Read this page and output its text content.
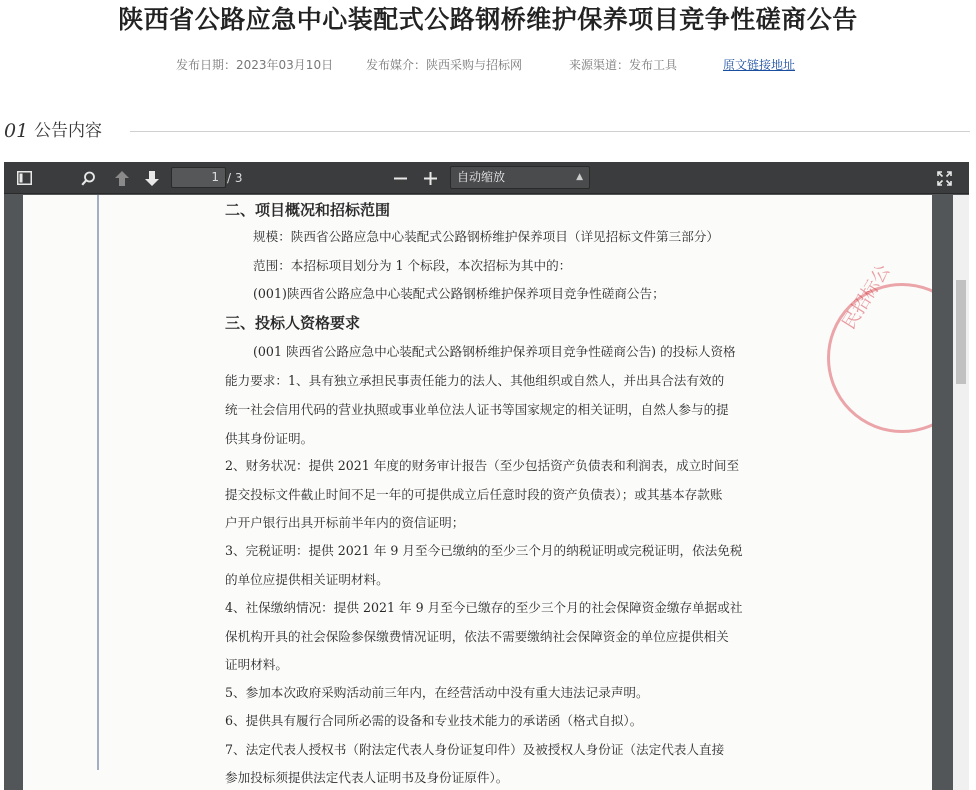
陕西省公路应急中心装配式公路钢桥维护保养项目竞争性磋商公告
发布日期：2023年03月10日	发布媒介：陕西采购与招标网	来源渠道：发布工具	原文链接地址
01 公告内容
1 / 3	自动缩放	▲

民招标公
二、项目概况和招标范围
规模：陕西省公路应急中心装配式公路钢桥维护保养项目（详见招标文件第三部分）
范围：本招标项目划分为 1 个标段，本次招标为其中的：
(001)陕西省公路应急中心装配式公路钢桥维护保养项目竞争性磋商公告；
三、投标人资格要求
(001 陕西省公路应急中心装配式公路钢桥维护保养项目竞争性磋商公告) 的投标人资格
能力要求：1、具有独立承担民事责任能力的法人、其他组织或自然人，并出具合法有效的
统一社会信用代码的营业执照或事业单位法人证书等国家规定的相关证明，自然人参与的提
供其身份证明。
2、财务状况：提供 2021 年度的财务审计报告（至少包括资产负债表和利润表，成立时间至
提交投标文件截止时间不足一年的可提供成立后任意时段的资产负债表）；或其基本存款账
户开户银行出具开标前半年内的资信证明；
3、完税证明：提供 2021 年 9 月至今已缴纳的至少三个月的纳税证明或完税证明，依法免税
的单位应提供相关证明材料。
4、社保缴纳情况：提供 2021 年 9 月至今已缴存的至少三个月的社会保障资金缴存单据或社
保机构开具的社会保险参保缴费情况证明，依法不需要缴纳社会保障资金的单位应提供相关
证明材料。
5、参加本次政府采购活动前三年内，在经营活动中没有重大违法记录声明。
6、提供具有履行合同所必需的设备和专业技术能力的承诺函（格式自拟）。
7、法定代表人授权书（附法定代表人身份证复印件）及被授权人身份证（法定代表人直接
参加投标须提供法定代表人证明书及身份证原件）。
